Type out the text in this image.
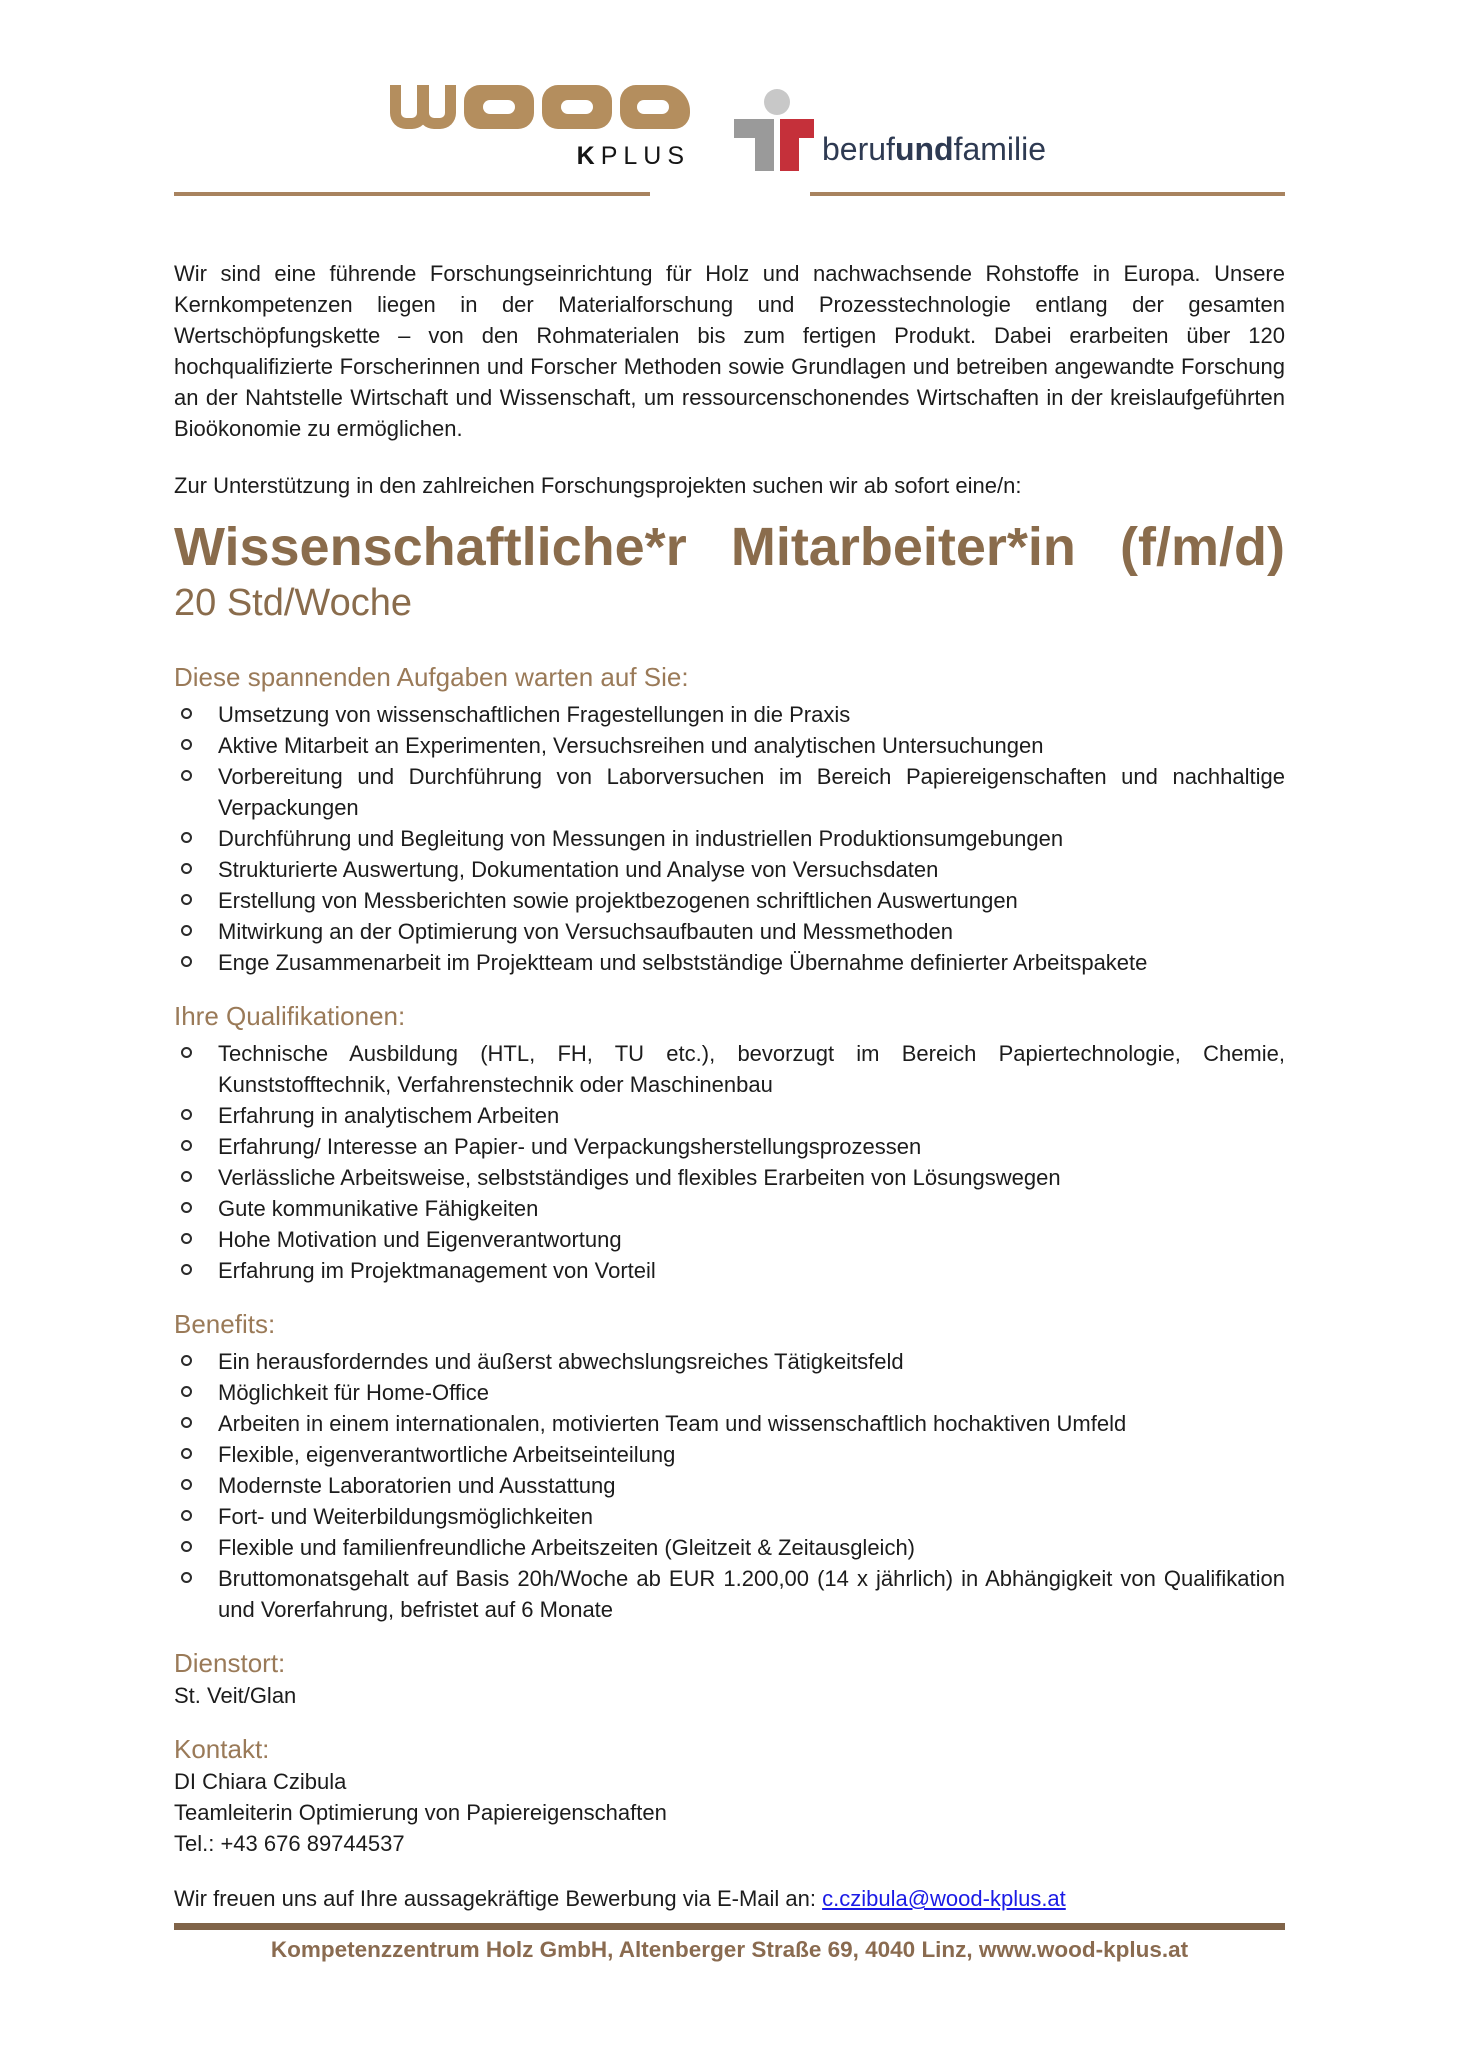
KPLUS	berufundfamilie

Wir sind eine führende Forschungseinrichtung für Holz und nachwachsende Rohstoffe in Europa. Unsere Kernkompetenzen liegen in der Materialforschung und Prozesstechnologie entlang der gesamten Wertschöpfungskette – von den Rohmaterialen bis zum fertigen Produkt. Dabei erarbeiten über 120 hochqualifizierte Forscherinnen und Forscher Methoden sowie Grundlagen und betreiben angewandte Forschung an der Nahtstelle Wirtschaft und Wissenschaft, um ressourcenschonendes Wirtschaften in der kreislaufgeführten Bioökonomie zu ermöglichen.

Zur Unterstützung in den zahlreichen Forschungsprojekten suchen wir ab sofort eine/n:

Wissenschaftliche*r Mitarbeiter*in (f/m/d)
20 Std/Woche
Diese spannenden Aufgaben warten auf Sie:
Umsetzung von wissenschaftlichen Fragestellungen in die Praxis
Aktive Mitarbeit an Experimenten, Versuchsreihen und analytischen Untersuchungen
Vorbereitung und Durchführung von Laborversuchen im Bereich Papiereigenschaften und nachhaltige Verpackungen
Durchführung und Begleitung von Messungen in industriellen Produktionsumgebungen
Strukturierte Auswertung, Dokumentation und Analyse von Versuchsdaten
Erstellung von Messberichten sowie projektbezogenen schriftlichen Auswertungen
Mitwirkung an der Optimierung von Versuchsaufbauten und Messmethoden
Enge Zusammenarbeit im Projektteam und selbstständige Übernahme definierter Arbeitspakete
Ihre Qualifikationen:
Technische Ausbildung (HTL, FH, TU etc.), bevorzugt im Bereich Papiertechnologie, Chemie, Kunststofftechnik, Verfahrenstechnik oder Maschinenbau
Erfahrung in analytischem Arbeiten
Erfahrung/ Interesse an Papier- und Verpackungsherstellungsprozessen
Verlässliche Arbeitsweise, selbstständiges und flexibles Erarbeiten von Lösungswegen
Gute kommunikative Fähigkeiten
Hohe Motivation und Eigenverantwortung
Erfahrung im Projektmanagement von Vorteil
Benefits:
Ein herausforderndes und äußerst abwechslungsreiches Tätigkeitsfeld
Möglichkeit für Home-Office
Arbeiten in einem internationalen, motivierten Team und wissenschaftlich hochaktiven Umfeld
Flexible, eigenverantwortliche Arbeitseinteilung
Modernste Laboratorien und Ausstattung
Fort- und Weiterbildungsmöglichkeiten
Flexible und familienfreundliche Arbeitszeiten (Gleitzeit & Zeitausgleich)
Bruttomonatsgehalt auf Basis 20h/Woche ab EUR 1.200,00 (14 x jährlich) in Abhängigkeit von Qualifikation und Vorerfahrung, befristet auf 6 Monate
Dienstort:

St. Veit/Glan

Kontakt:

DI Chiara Czibula

Teamleiterin Optimierung von Papiereigenschaften

Tel.: +43 676 89744537

Wir freuen uns auf Ihre aussagekräftige Bewerbung via E-Mail an: c.czibula@wood-kplus.at

Kompetenzzentrum Holz GmbH, Altenberger Straße 69, 4040 Linz, www.wood-kplus.at
